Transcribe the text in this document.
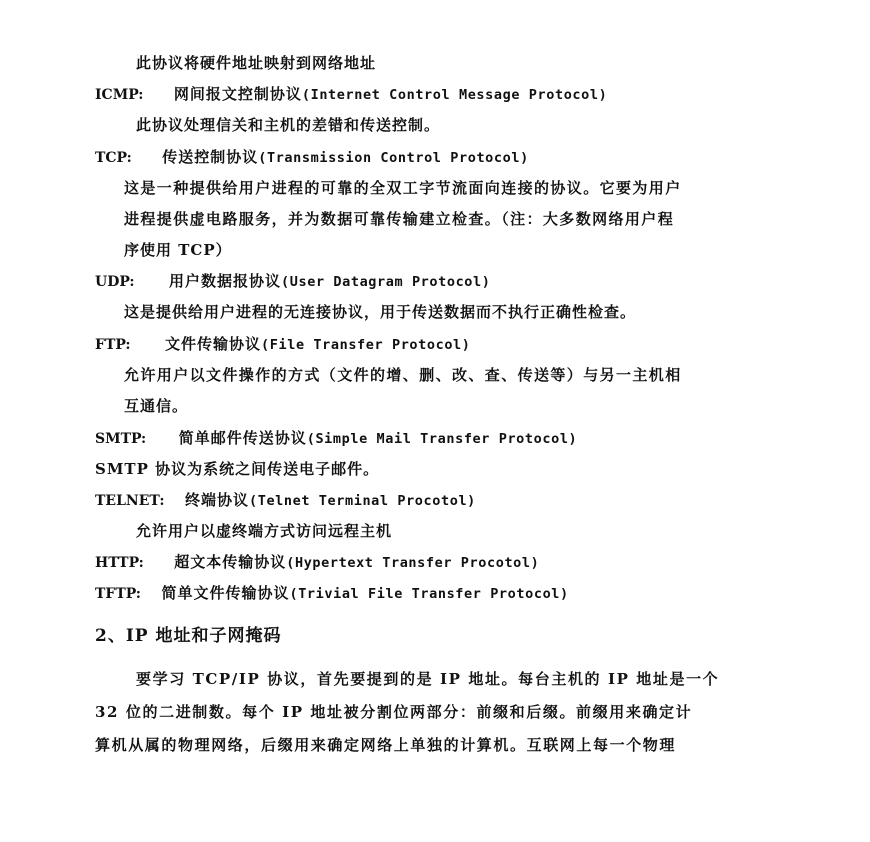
此协议将硬件地址映射到网络地址
ICMP: 网间报文控制协议(Internet Control Message Protocol)
此协议处理信关和主机的差错和传送控制。
TCP: 传送控制协议(Transmission Control Protocol)
这是一种提供给用户进程的可靠的全双工字节流面向连接的协议。它要为用户
进程提供虚电路服务，并为数据可靠传输建立检查。（注：大多数网络用户程
序使用 TCP）
UDP: 用户数据报协议(User Datagram Protocol)
这是提供给用户进程的无连接协议，用于传送数据而不执行正确性检查。
FTP: 文件传输协议(File Transfer Protocol)
允许用户以文件操作的方式（文件的增、删、改、查、传送等）与另一主机相
互通信。
SMTP: 简单邮件传送协议(Simple Mail Transfer Protocol)
SMTP 协议为系统之间传送电子邮件。
TELNET: 终端协议(Telnet Terminal Procotol)
允许用户以虚终端方式访问远程主机
HTTP: 超文本传输协议(Hypertext Transfer Procotol)
TFTP: 简单文件传输协议(Trivial File Transfer Protocol)
2、IP 地址和子网掩码
要学习 TCP/IP 协议，首先要提到的是 IP 地址。每台主机的 IP 地址是一个
32 位的二进制数。每个 IP 地址被分割位两部分：前缀和后缀。前缀用来确定计
算机从属的物理网络，后缀用来确定网络上单独的计算机。互联网上每一个物理
